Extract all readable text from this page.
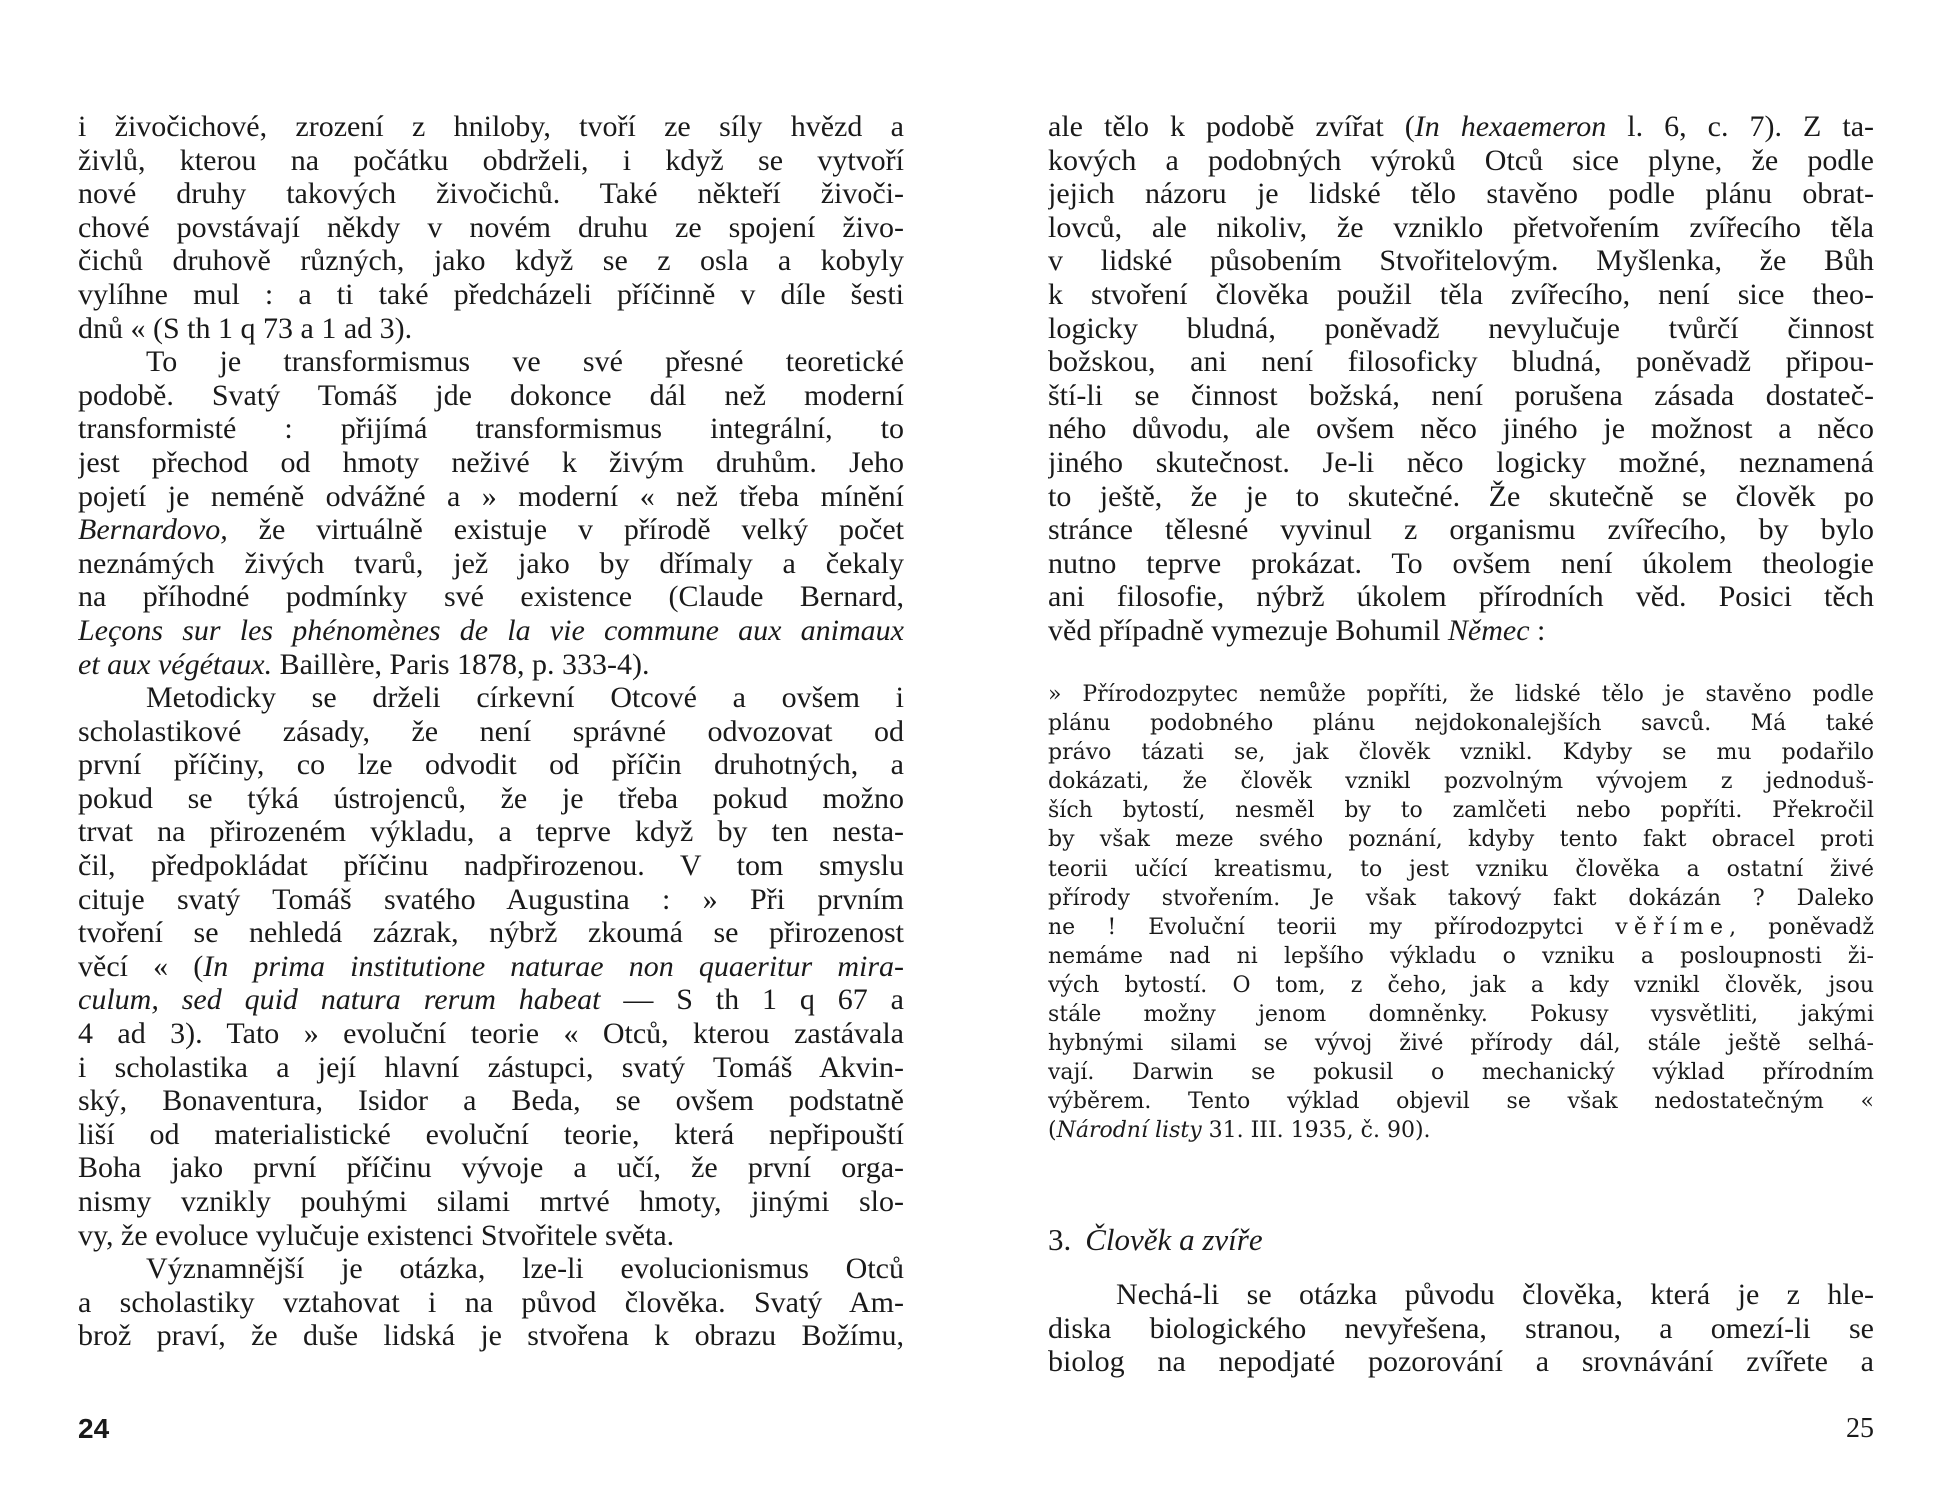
i živočichové, zrození z hniloby, tvoří ze síly hvězd a
živlů, kterou na počátku obdrželi, i když se vytvoří
nové druhy takových živočichů. Také někteří živoči-
chové povstávají někdy v novém druhu ze spojení živo-
čichů druhově různých, jako když se z osla a kobyly
vylíhne mul : a ti také předcházeli příčinně v díle šesti
dnů « (S th 1 q 73 a 1 ad 3).
To je transformismus ve své přesné teoretické
podobě. Svatý Tomáš jde dokonce dál než moderní
transformisté : přijímá transformismus integrální, to
jest přechod od hmoty neživé k živým druhům. Jeho
pojetí je neméně odvážné a » moderní « než třeba mínění
Bernardovo, že virtuálně existuje v přírodě velký počet
neznámých živých tvarů, jež jako by dřímaly a čekaly
na příhodné podmínky své existence (Claude Bernard,
Leçons sur les phénomènes de la vie commune aux animaux
et aux végétaux. Baillère, Paris 1878, p. 333-4).
Metodicky se drželi církevní Otcové a ovšem i
scholastikové zásady, že není správné odvozovat od
první příčiny, co lze odvodit od příčin druhotných, a
pokud se týká ústrojenců, že je třeba pokud možno
trvat na přirozeném výkladu, a teprve když by ten nesta-
čil, předpokládat příčinu nadpřirozenou. V tom smyslu
cituje svatý Tomáš svatého Augustina : » Při prvním
tvoření se nehledá zázrak, nýbrž zkoumá se přirozenost
věcí « (In prima institutione naturae non quaeritur mira-
culum, sed quid natura rerum habeat — S th 1 q 67 a
4 ad 3). Tato » evoluční teorie « Otců, kterou zastávala
i scholastika a její hlavní zástupci, svatý Tomáš Akvin-
ský, Bonaventura, Isidor a Beda, se ovšem podstatně
liší od materialistické evoluční teorie, která nepřipouští
Boha jako první příčinu vývoje a učí, že první orga-
nismy vznikly pouhými silami mrtvé hmoty, jinými slo-
vy, že evoluce vylučuje existenci Stvořitele světa.
Významnější je otázka, lze-li evolucionismus Otců
a scholastiky vztahovat i na původ člověka. Svatý Am-
brož praví, že duše lidská je stvořena k obrazu Božímu,
24
ale tělo k podobě zvířat (In hexaemeron l. 6, c. 7). Z ta-
kových a podobných výroků Otců sice plyne, že podle
jejich názoru je lidské tělo stavěno podle plánu obrat-
lovců, ale nikoliv, že vzniklo přetvořením zvířecího těla
v lidské působením Stvořitelovým. Myšlenka, že Bůh
k stvoření člověka použil těla zvířecího, není sice theo-
logicky bludná, poněvadž nevylučuje tvůrčí činnost
božskou, ani není filosoficky bludná, poněvadž připou-
ští-li se činnost božská, není porušena zásada dostateč-
ného důvodu, ale ovšem něco jiného je možnost a něco
jiného skutečnost. Je-li něco logicky možné, neznamená
to ještě, že je to skutečné. Že skutečně se člověk po
stránce tělesné vyvinul z organismu zvířecího, by bylo
nutno teprve prokázat. To ovšem není úkolem theologie
ani filosofie, nýbrž úkolem přírodních věd. Posici těch
věd případně vymezuje Bohumil Němec :
» Přírodozpytec nemůže popříti, že lidské tělo je stavěno podle
plánu podobného plánu nejdokonalejších savců. Má také
právo tázati se, jak člověk vznikl. Kdyby se mu podařilo
dokázati, že člověk vznikl pozvolným vývojem z jednoduš-
ších bytostí, nesměl by to zamlčeti nebo popříti. Překročil
by však meze svého poznání, kdyby tento fakt obracel proti
teorii učící kreatismu, to jest vzniku člověka a ostatní živé
přírody stvořením. Je však takový fakt dokázán ? Daleko
ne ! Evoluční teorii my přírodozpytci věříme, poněvadž
nemáme nad ni lepšího výkladu o vzniku a posloupnosti ži-
vých bytostí. O tom, z čeho, jak a kdy vznikl člověk, jsou
stále možny jenom domněnky. Pokusy vysvětliti, jakými
hybnými silami se vývoj živé přírody dál, stále ještě selhá-
vají. Darwin se pokusil o mechanický výklad přírodním
výběrem. Tento výklad objevil se však nedostatečným «
(Národní listy 31. III. 1935, č. 90).
3. Člověk a zvíře
Nechá-li se otázka původu člověka, která je z hle-
diska biologického nevyřešena, stranou, a omezí-li se
biolog na nepodjaté pozorování a srovnávání zvířete a
25
